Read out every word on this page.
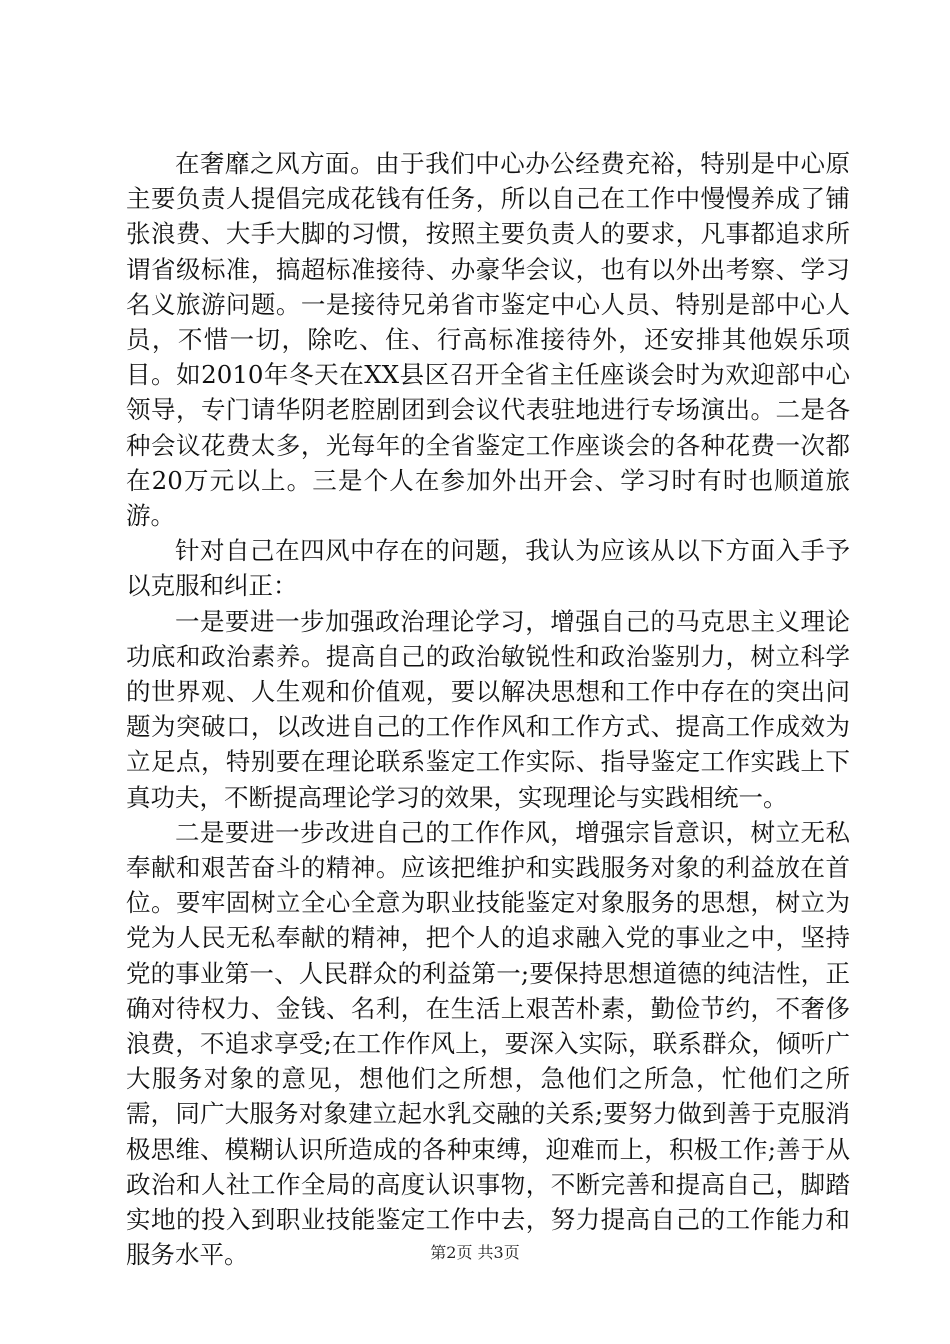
在奢靡之风方面。由于我们中心办公经费充裕，特别是中心原主要负责人提倡完成花钱有任务，所以自己在工作中慢慢养成了铺张浪费、大手大脚的习惯，按照主要负责人的要求，凡事都追求所谓省级标准，搞超标准接待、办豪华会议，也有以外出考察、学习名义旅游问题。一是接待兄弟省市鉴定中心人员、特别是部中心人员，不惜一切，除吃、住、行高标准接待外，还安排其他娱乐项目。如2010年冬天在XX县区召开全省主任座谈会时为欢迎部中心领导，专门请华阴老腔剧团到会议代表驻地进行专场演出。二是各种会议花费太多，光每年的全省鉴定工作座谈会的各种花费一次都在20万元以上。三是个人在参加外出开会、学习时有时也顺道旅游。

针对自己在四风中存在的问题，我认为应该从以下方面入手予以克服和纠正：

一是要进一步加强政治理论学习，增强自己的马克思主义理论功底和政治素养。提高自己的政治敏锐性和政治鉴别力，树立科学的世界观、人生观和价值观，要以解决思想和工作中存在的突出问题为突破口，以改进自己的工作作风和工作方式、提高工作成效为立足点，特别要在理论联系鉴定工作实际、指导鉴定工作实践上下真功夫，不断提高理论学习的效果，实现理论与实践相统一。

二是要进一步改进自己的工作作风，增强宗旨意识，树立无私奉献和艰苦奋斗的精神。应该把维护和实践服务对象的利益放在首位。要牢固树立全心全意为职业技能鉴定对象服务的思想，树立为党为人民无私奉献的精神，把个人的追求融入党的事业之中，坚持党的事业第一、人民群众的利益第一;要保持思想道德的纯洁性，正确对待权力、金钱、名利，在生活上艰苦朴素，勤俭节约，不奢侈浪费，不追求享受;在工作作风上，要深入实际，联系群众，倾听广大服务对象的意见，想他们之所想，急他们之所急，忙他们之所需，同广大服务对象建立起水乳交融的关系;要努力做到善于克服消极思维、模糊认识所造成的各种束缚，迎难而上，积极工作;善于从政治和人社工作全局的高度认识事物，不断完善和提高自己，脚踏实地的投入到职业技能鉴定工作中去，努力提高自己的工作能力和服务水平。	第2页 共3页
